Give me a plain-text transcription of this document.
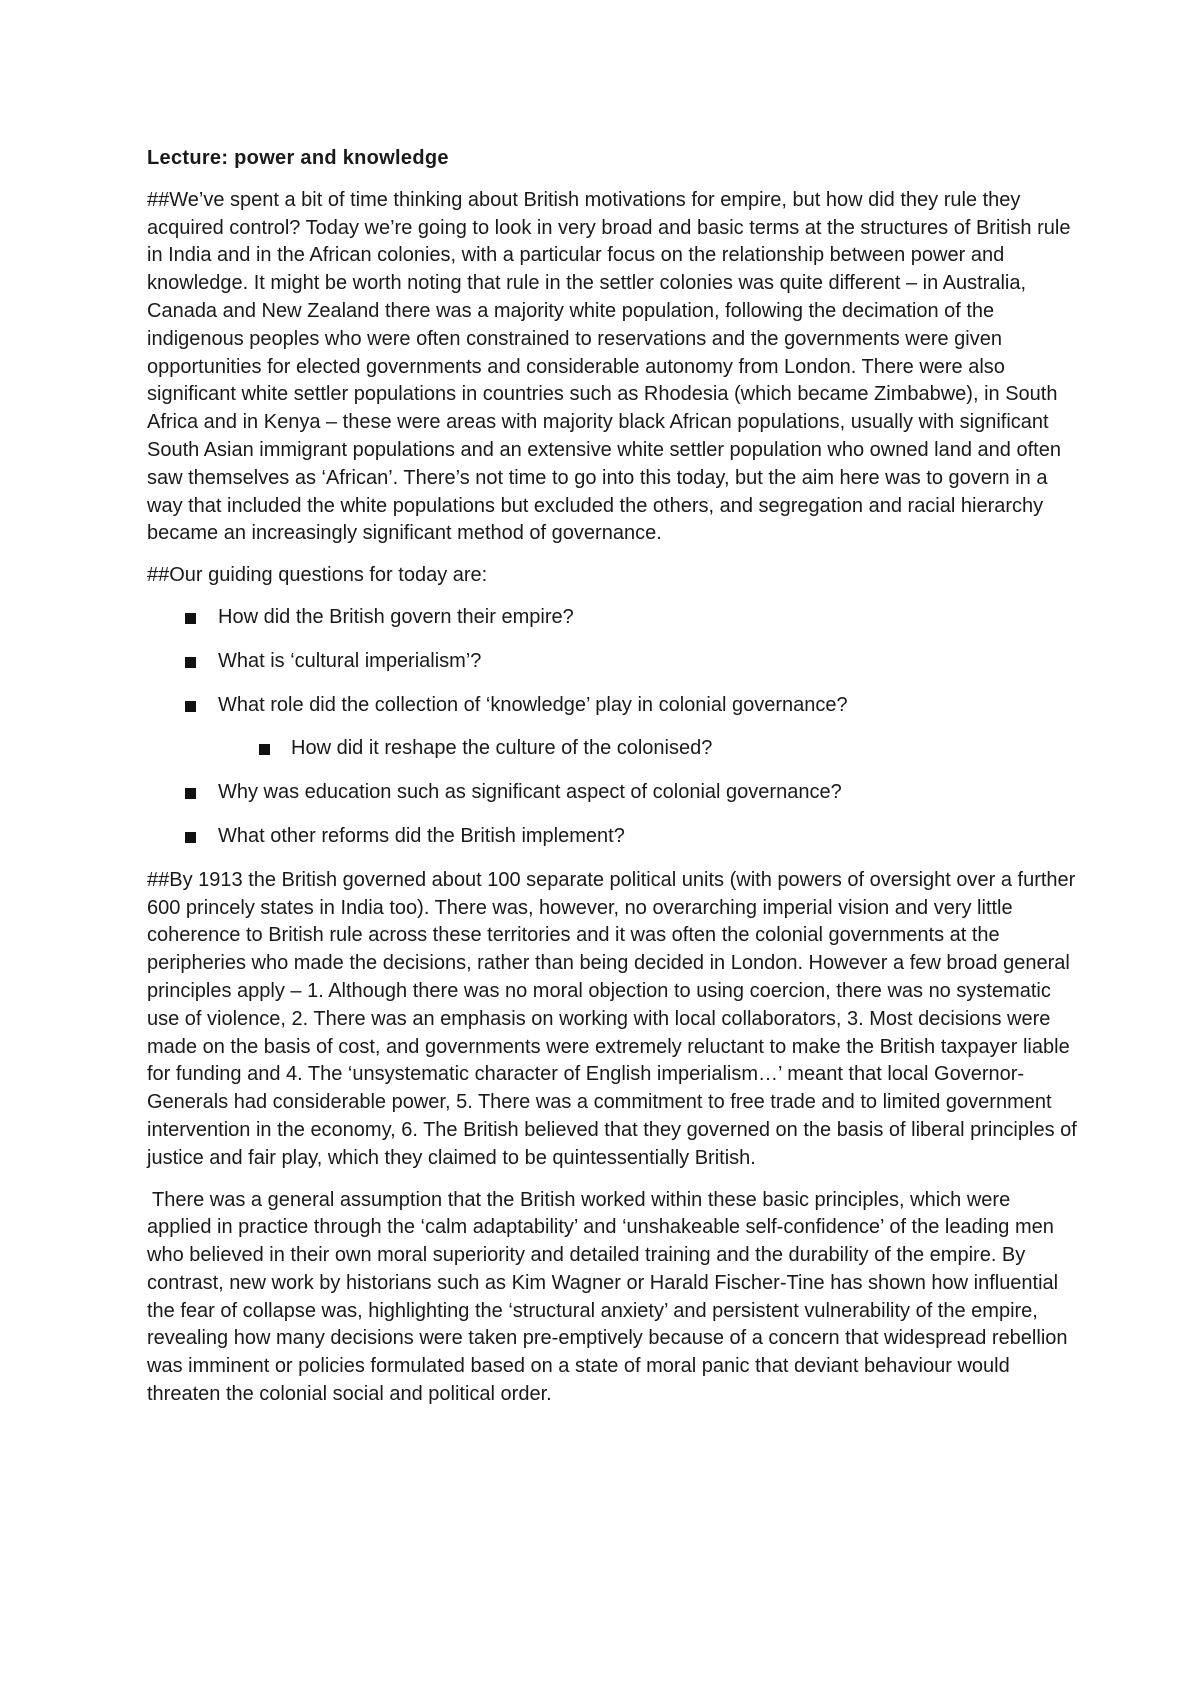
Lecture: power and knowledge

##We’ve spent a bit of time thinking about British motivations for empire, but how did they rule they acquired control? Today we’re going to look in very broad and basic terms at the structures of British rule in India and in the African colonies, with a particular focus on the relationship between power and knowledge. It might be worth noting that rule in the settler colonies was quite different – in Australia, Canada and New Zealand there was a majority white population, following the decimation of the indigenous peoples who were often constrained to reservations and the governments were given opportunities for elected governments and considerable autonomy from London. There were also significant white settler populations in countries such as Rhodesia (which became Zimbabwe), in South Africa and in Kenya – these were areas with majority black African populations, usually with significant South Asian immigrant populations and an extensive white settler population who owned land and often saw themselves as ‘African’. There’s not time to go into this today, but the aim here was to govern in a way that included the white populations but excluded the others, and segregation and racial hierarchy became an increasingly significant method of governance.

##Our guiding questions for today are:

How did the British govern their empire?
What is ‘cultural imperialism’?
What role did the collection of ‘knowledge’ play in colonial governance?
How did it reshape the culture of the colonised?
Why was education such as significant aspect of colonial governance?
What other reforms did the British implement?

##By 1913 the British governed about 100 separate political units (with powers of oversight over a further 600 princely states in India too). There was, however, no overarching imperial vision and very little coherence to British rule across these territories and it was often the colonial governments at the peripheries who made the decisions, rather than being decided in London. However a few broad general principles apply – 1. Although there was no moral objection to using coercion, there was no systematic use of violence, 2. There was an emphasis on working with local collaborators, 3. Most decisions were made on the basis of cost, and governments were extremely reluctant to make the British taxpayer liable for funding and 4. The ‘unsystematic character of English imperialism…’ meant that local Governor-Generals had considerable power, 5. There was a commitment to free trade and to limited government intervention in the economy, 6. The British believed that they governed on the basis of liberal principles of justice and fair play, which they claimed to be quintessentially British.

There was a general assumption that the British worked within these basic principles, which were applied in practice through the ‘calm adaptability’ and ‘unshakeable self-confidence’ of the leading men who believed in their own moral superiority and detailed training and the durability of the empire. By contrast, new work by historians such as Kim Wagner or Harald Fischer-Tine has shown how influential the fear of collapse was, highlighting the ‘structural anxiety’ and persistent vulnerability of the empire, revealing how many decisions were taken pre-emptively because of a concern that widespread rebellion was imminent or policies formulated based on a state of moral panic that deviant behaviour would threaten the colonial social and political order.
